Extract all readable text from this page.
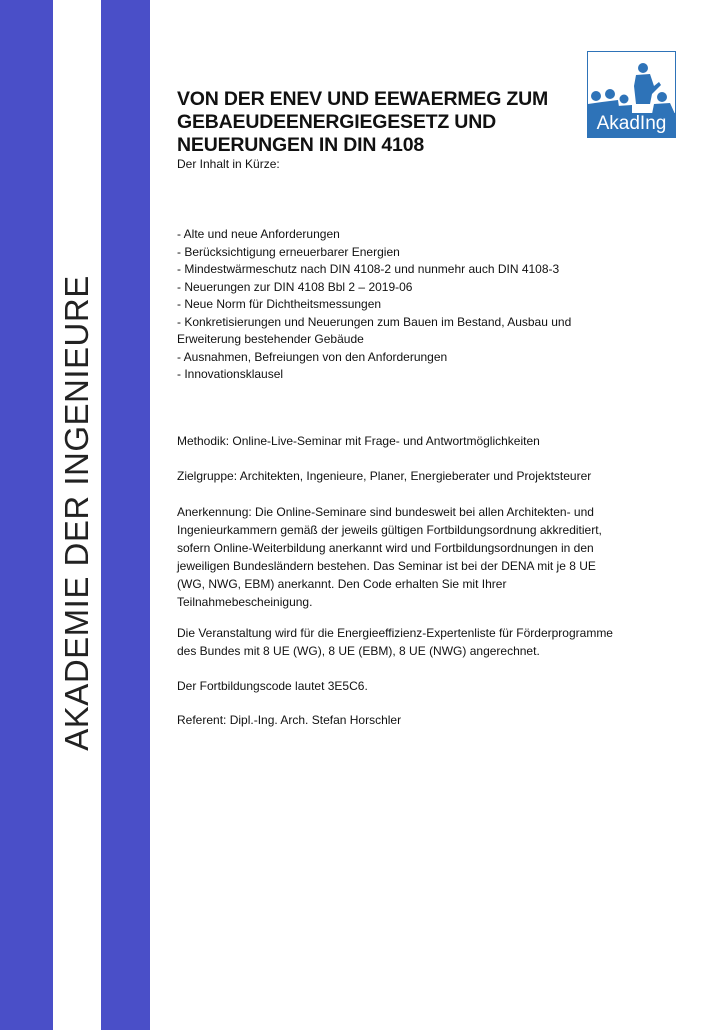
AKADEMIE DER INGENIEURE
AkadIng
VON DER ENEV UND EEWAERMEG ZUM
GEBAEUDEENERGIEGESETZ UND
NEUERUNGEN IN DIN 4108

Der Inhalt in Kürze:

- Alte und neue Anforderungen
- Berücksichtigung erneuerbarer Energien
- Mindestwärmeschutz nach DIN 4108-2 und nunmehr auch DIN 4108-3
- Neuerungen zur DIN 4108 Bbl 2 – 2019-06
- Neue Norm für Dichtheitsmessungen
- Konkretisierungen und Neuerungen zum Bauen im Bestand, Ausbau und Erweiterung bestehender Gebäude
- Ausnahmen, Befreiungen von den Anforderungen
- Innovationsklausel

Methodik: Online-Live-Seminar mit Frage- und Antwortmöglichkeiten

Zielgruppe: Architekten, Ingenieure, Planer, Energieberater und Projektsteurer

Anerkennung: Die Online-Seminare sind bundesweit bei allen Architekten- und Ingenieurkammern gemäß der jeweils gültigen Fortbildungsordnung akkreditiert, sofern Online-Weiterbildung anerkannt wird und Fortbildungsordnungen in den jeweiligen Bundesländern bestehen. Das Seminar ist bei der DENA mit je 8 UE (WG, NWG, EBM) anerkannt. Den Code erhalten Sie mit Ihrer Teilnahmebescheinigung.

Die Veranstaltung wird für die Energieeffizienz-Expertenliste für Förderprogramme des Bundes mit 8 UE (WG), 8 UE (EBM), 8 UE (NWG) angerechnet.

Der Fortbildungscode lautet 3E5C6.

Referent: Dipl.-Ing. Arch. Stefan Horschler
